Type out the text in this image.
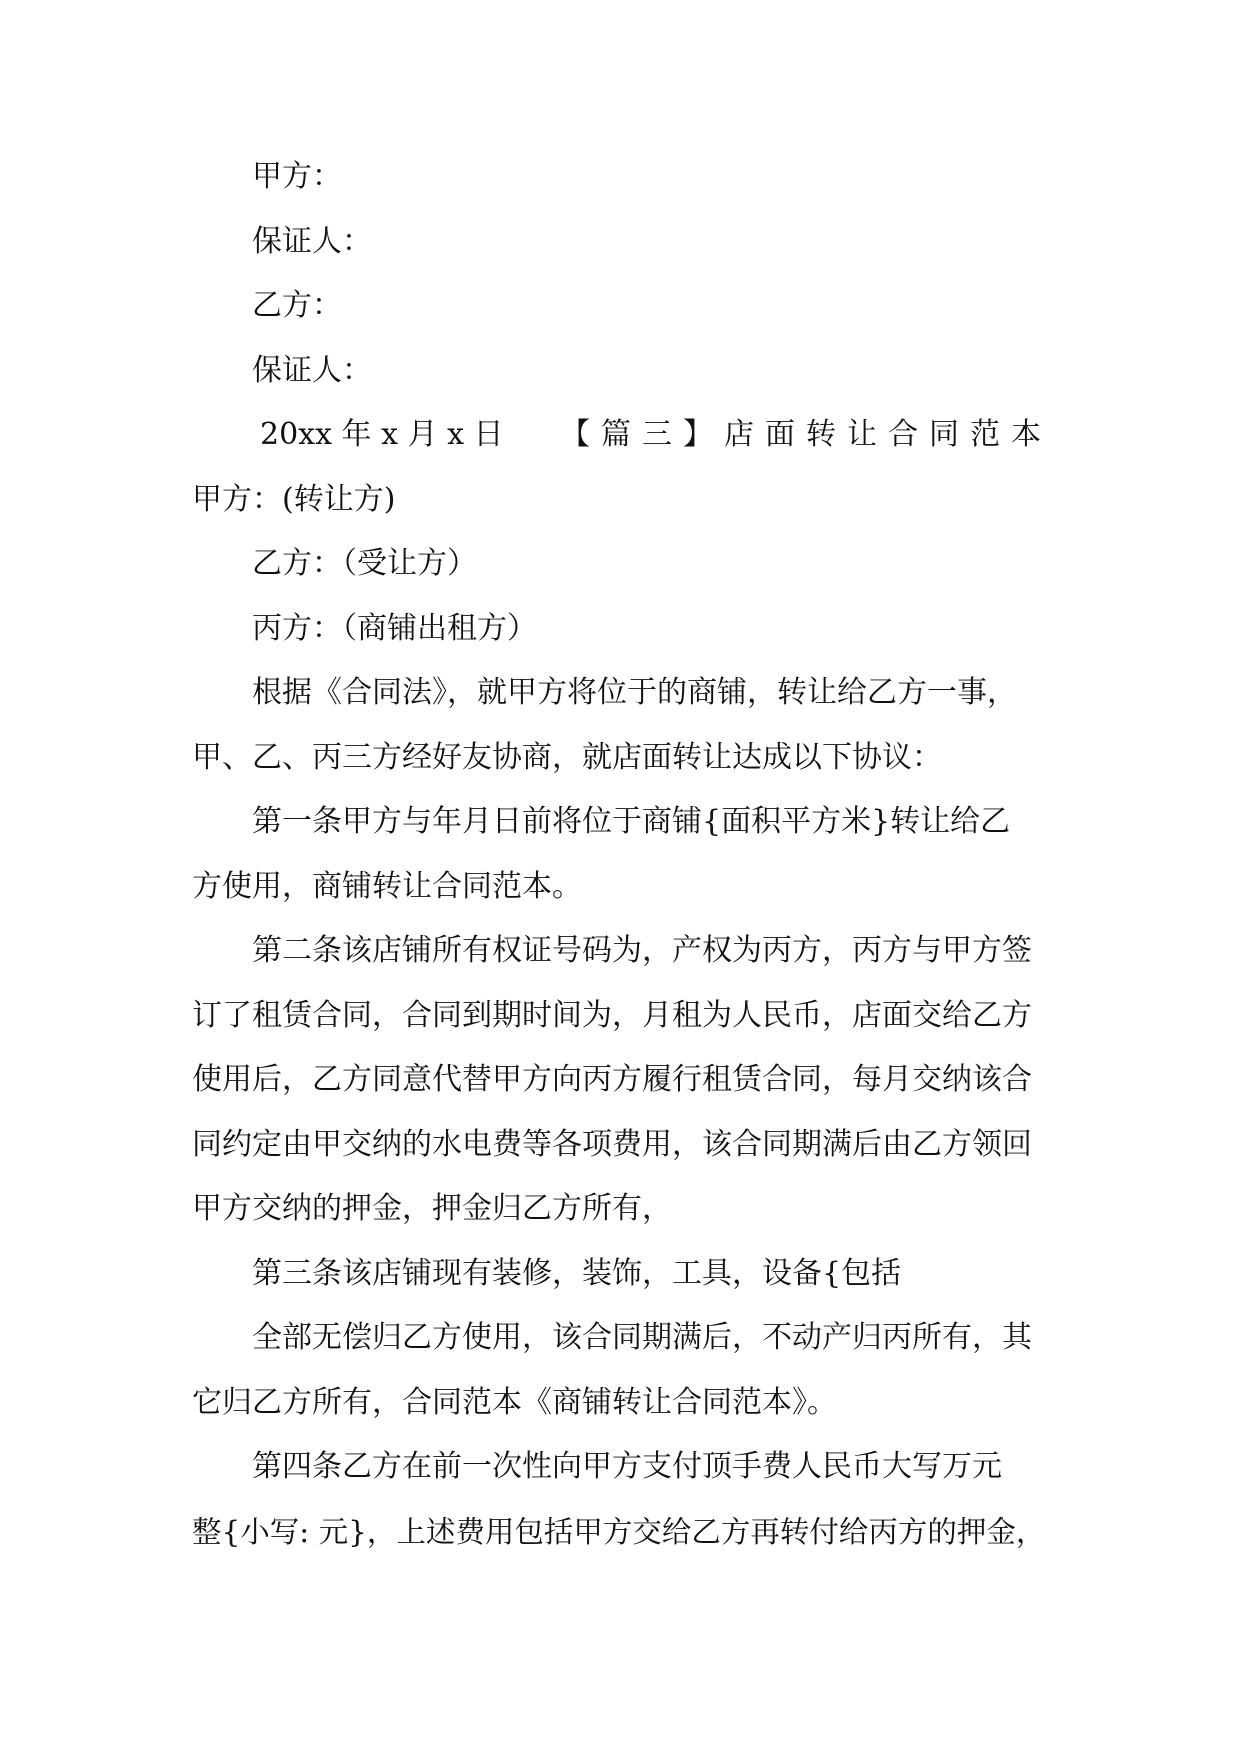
甲方：
保证人：
乙方：
保证人：
20xx 年 x 月 x 日 【篇三】店面转让合同范本
甲方：(转让方)
乙方：（受让方）
丙方：（商铺出租方）
根据《合同法》，就甲方将位于的商铺，转让给乙方一事，
甲、乙、丙三方经好友协商，就店面转让达成以下协议：
第一条甲方与年月日前将位于商铺{面积平方米}转让给乙
方使用，商铺转让合同范本。
第二条该店铺所有权证号码为，产权为丙方，丙方与甲方签
订了租赁合同，合同到期时间为，月租为人民币，店面交给乙方
使用后，乙方同意代替甲方向丙方履行租赁合同，每月交纳该合
同约定由甲交纳的水电费等各项费用，该合同期满后由乙方领回
甲方交纳的押金，押金归乙方所有，
第三条该店铺现有装修，装饰，工具，设备{包括
全部无偿归乙方使用，该合同期满后，不动产归丙所有，其
它归乙方所有，合同范本《商铺转让合同范本》。
第四条乙方在前一次性向甲方支付顶手费人民币大写万元
整{小写: 元}，上述费用包括甲方交给乙方再转付给丙方的押金，
